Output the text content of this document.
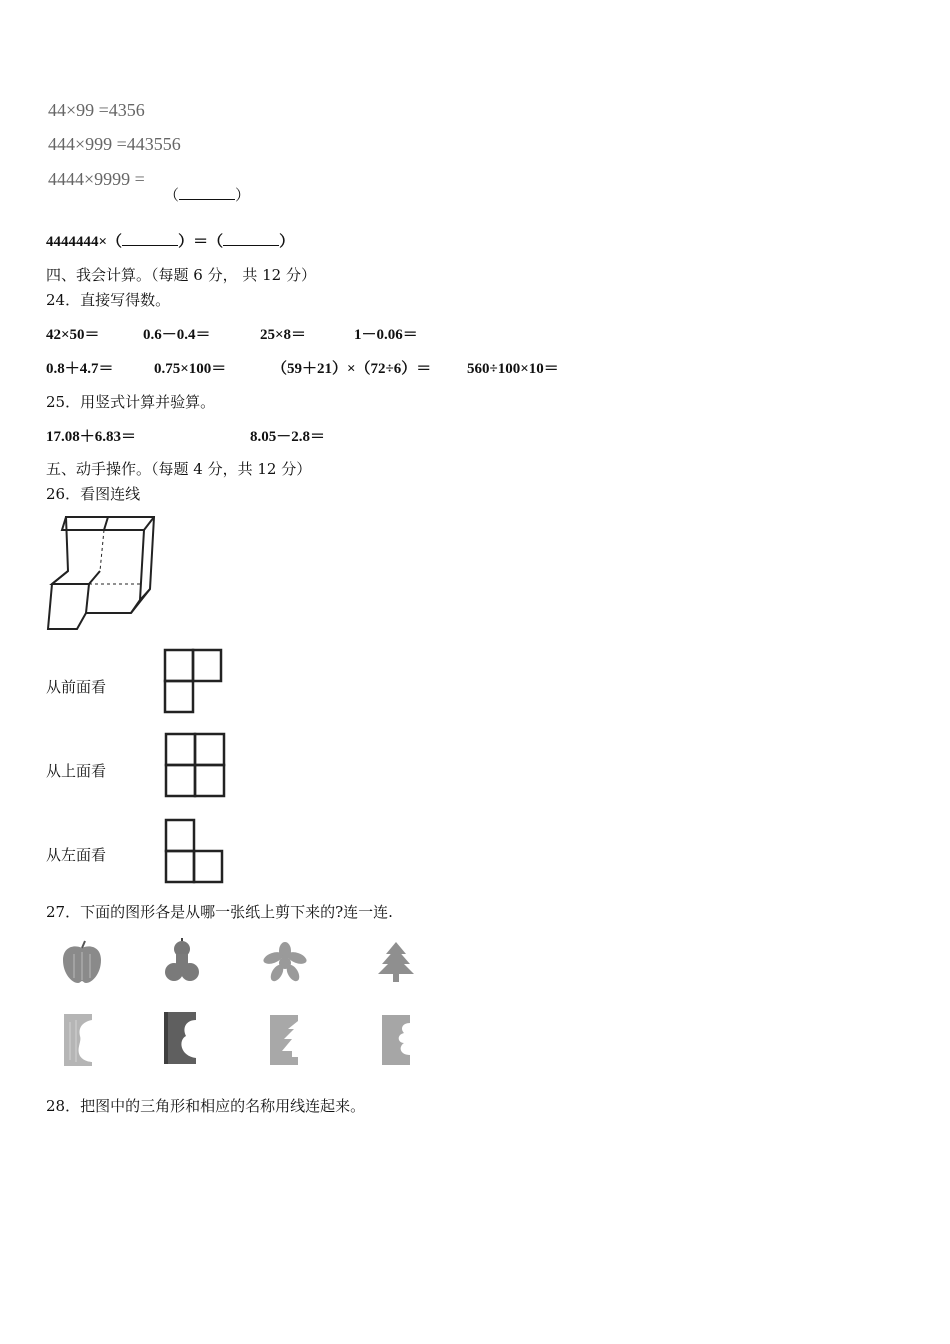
44×99 =4356
444×999 =443556
4444×9999 =
（	）
4444444×（	）＝（	）
四、我会计算。（每题 6 分， 共 12 分）
24．直接写得数。
42×50＝	0.6－0.4＝	25×8＝	1－0.06＝
0.8＋4.7＝	0.75×100＝	（59＋21）×（72÷6）＝ 560÷100×10＝
25．用竖式计算并验算。
17.08＋6.83＝	8.05－2.8＝
五、动手操作。（每题 4 分，共 12 分）
26．看图连线
从前面看
从上面看
从左面看
27．下面的图形各是从哪一张纸上剪下来的?连一连.
28．把图中的三角形和相应的名称用线连起来。
